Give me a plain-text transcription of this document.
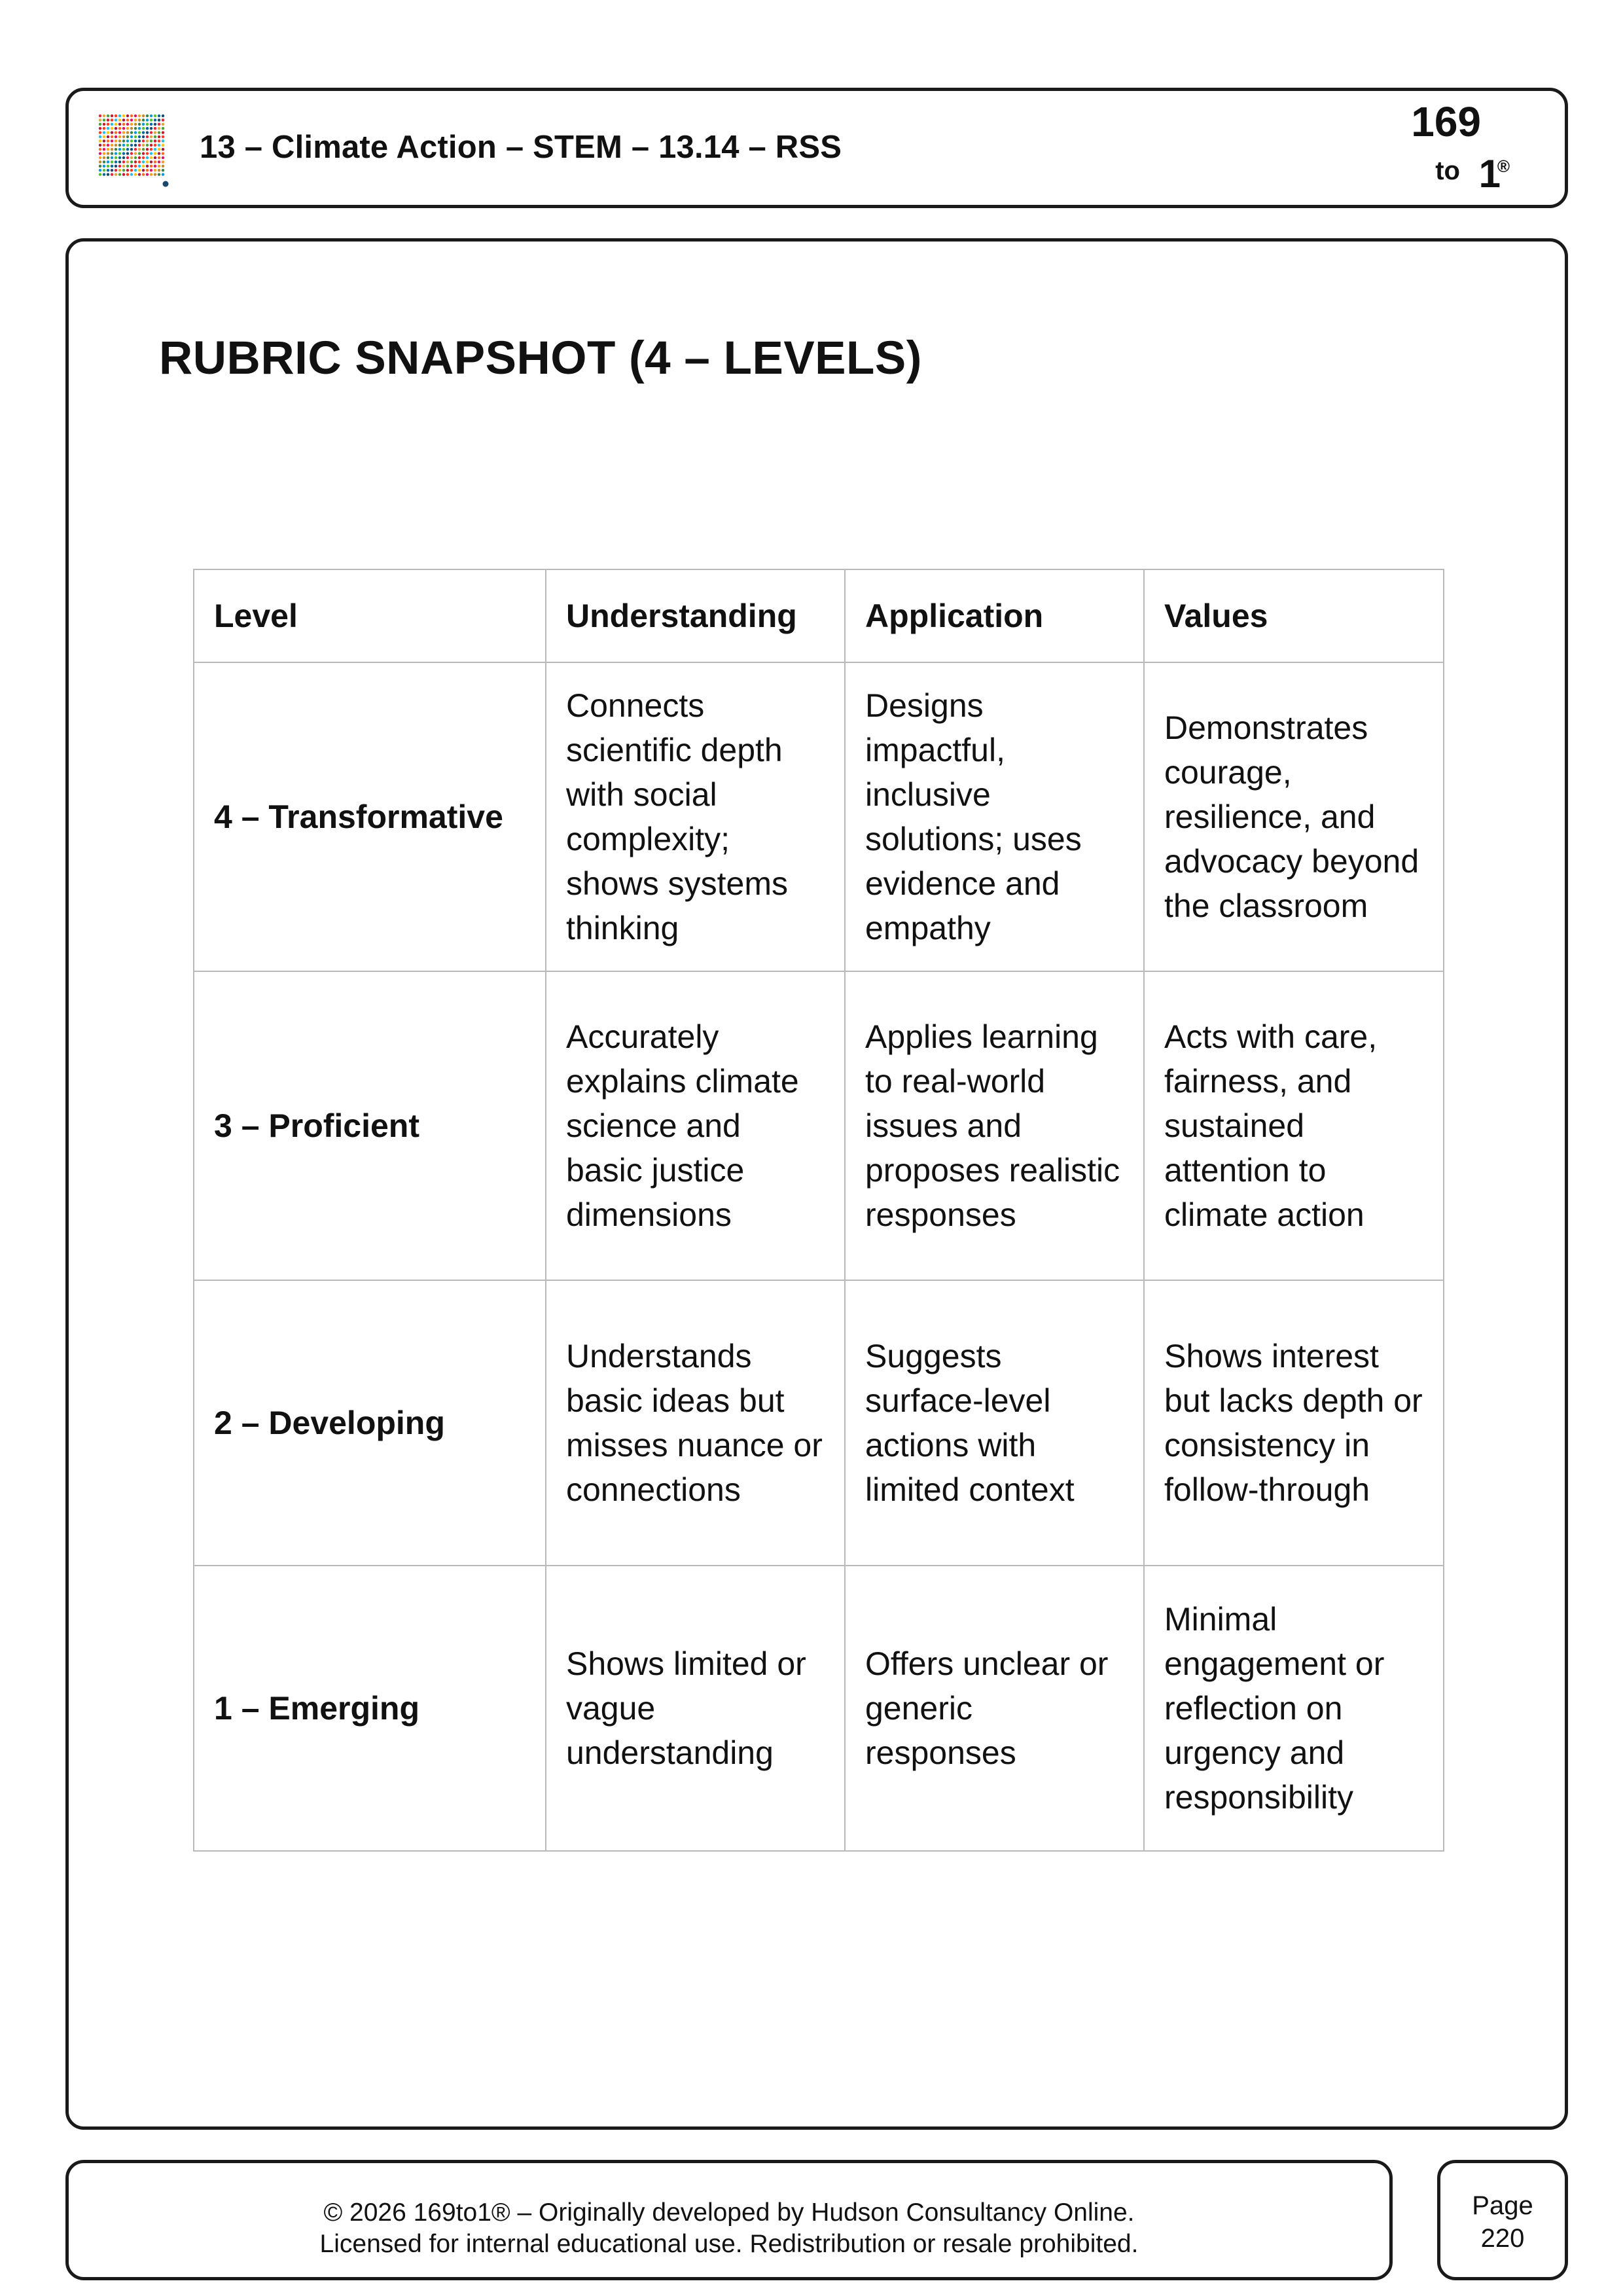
13 – Climate Action – STEM – 13.14 – RSS
169
to 1
®
RUBRIC SNAPSHOT (4 – LEVELS)
Level	Understanding	Application	Values
4 – Transformative	Connects scientific depth with social complexity; shows systems thinking	Designs impactful, inclusive solutions; uses evidence and empathy	Demonstrates courage, resilience, and advocacy beyond the classroom
3 – Proficient	Accurately explains climate science and basic justice dimensions	Applies learning to real-world issues and proposes realistic responses	Acts with care, fairness, and sustained attention to climate action
2 – Developing	Understands basic ideas but misses nuance or connections	Suggests surface-level actions with limited context	Shows interest but lacks depth or consistency in follow-through
1 – Emerging	Shows limited or vague understanding	Offers unclear or generic responses	Minimal engagement or reflection on urgency and responsibility
© 2026 169to1® – Originally developed by Hudson Consultancy Online.
Licensed for internal educational use. Redistribution or resale prohibited.
Page
220
